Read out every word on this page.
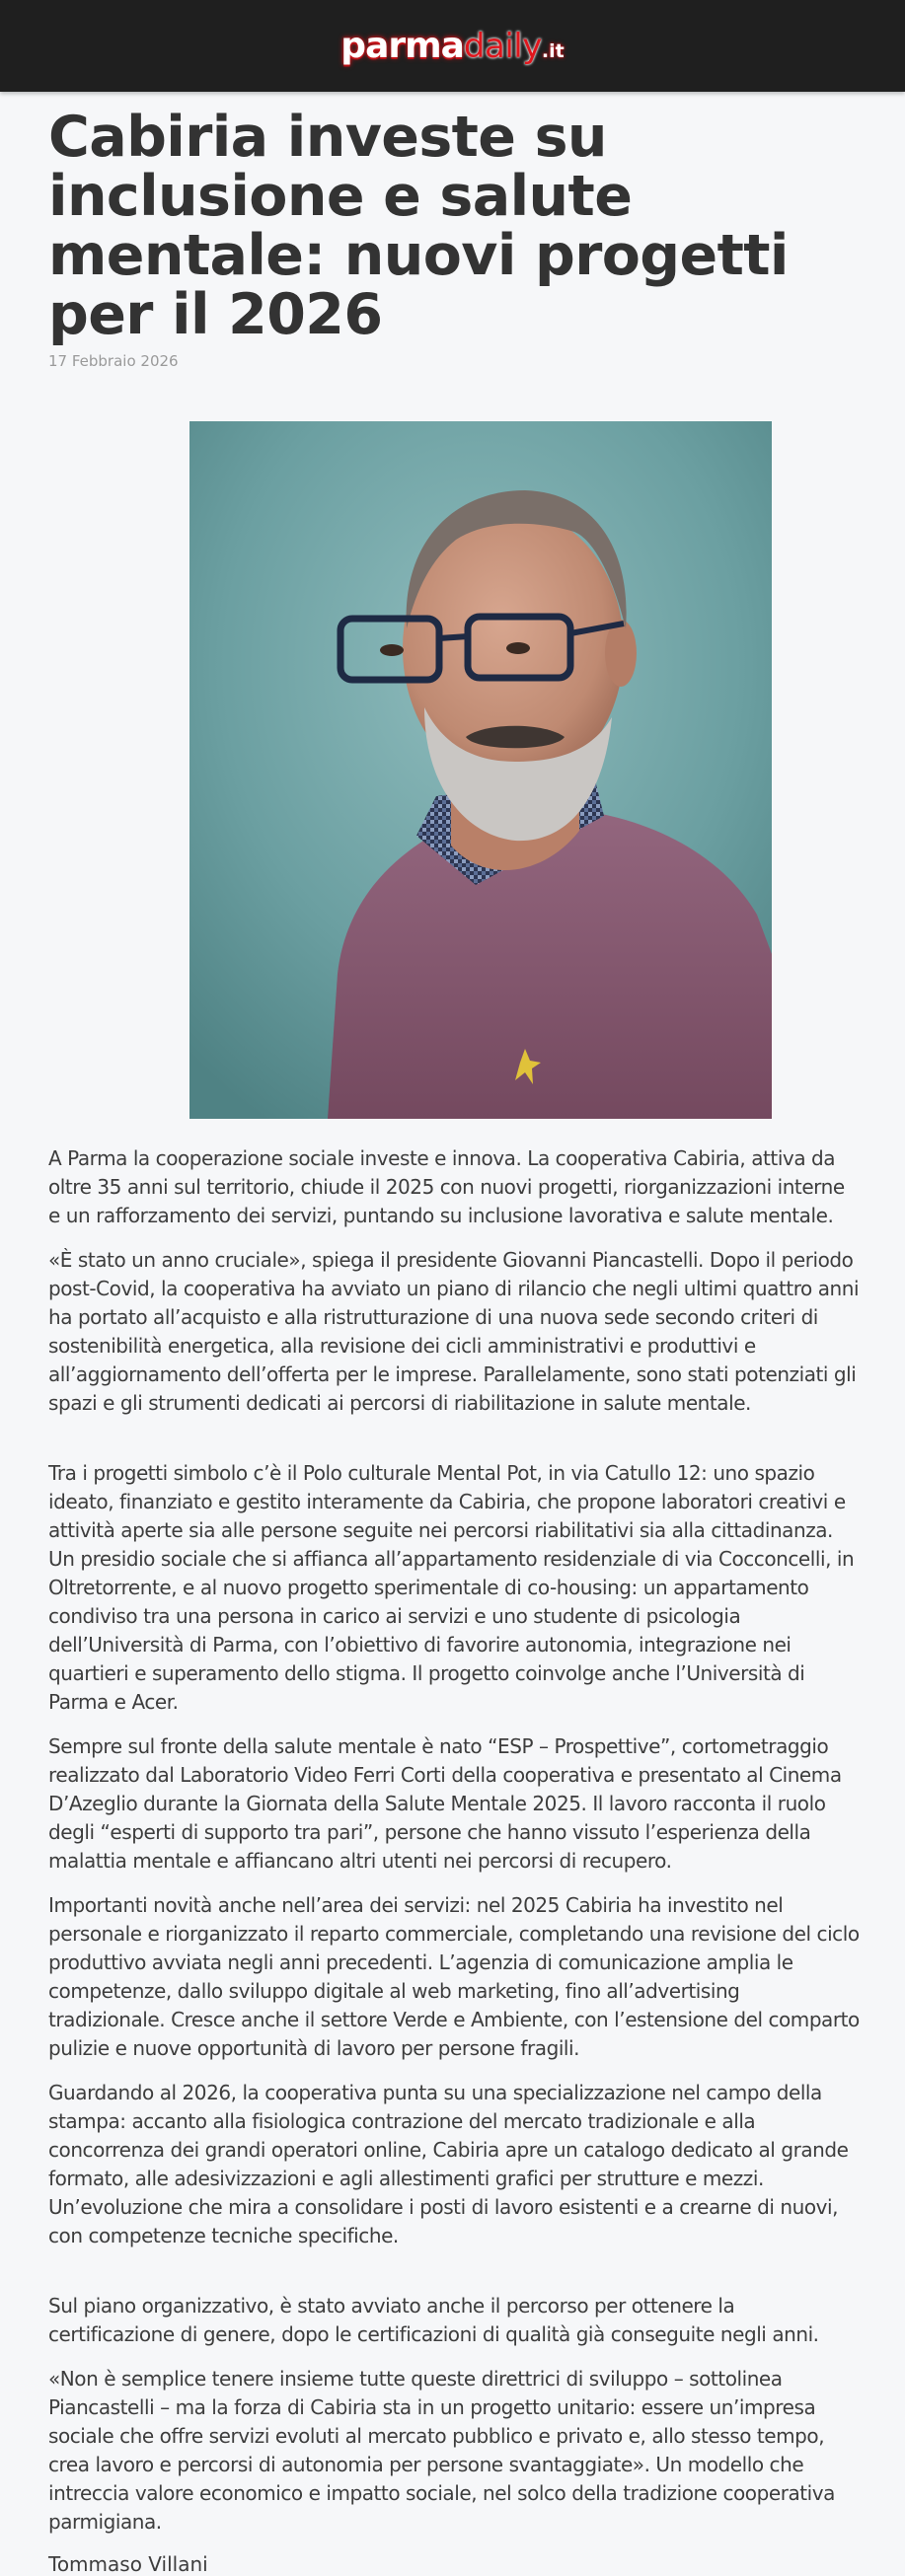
parma daily .it
Cabiria investe su inclusione e salute mentale: nuovi progetti per il 2026
17 Febbraio 2026

A Parma la cooperazione sociale investe e innova. La cooperativa Cabiria, attiva da oltre 35 anni sul territorio, chiude il 2025 con nuovi progetti, riorganizzazioni interne e un rafforzamento dei servizi, puntando su inclusione lavorativa e salute mentale.

«È stato un anno cruciale», spiega il presidente Giovanni Piancastelli. Dopo il periodo post-Covid, la cooperativa ha avviato un piano di rilancio che negli ultimi quattro anni ha portato all’acquisto e alla ristrutturazione di una nuova sede secondo criteri di sostenibilità energetica, alla revisione dei cicli amministrativi e produttivi e all’aggiornamento dell’offerta per le imprese. Parallelamente, sono stati potenziati gli spazi e gli strumenti dedicati ai percorsi di riabilitazione in salute mentale.

Tra i progetti simbolo c’è il Polo culturale Mental Pot, in via Catullo 12: uno spazio ideato, finanziato e gestito interamente da Cabiria, che propone laboratori creativi e attività aperte sia alle persone seguite nei percorsi riabilitativi sia alla cittadinanza. Un presidio sociale che si affianca all’appartamento residenziale di via Cocconcelli, in Oltretorrente, e al nuovo progetto sperimentale di co-housing: un appartamento condiviso tra una persona in carico ai servizi e uno studente di psicologia dell’Università di Parma, con l’obiettivo di favorire autonomia, integrazione nei quartieri e superamento dello stigma. Il progetto coinvolge anche l’Università di Parma e Acer.

Sempre sul fronte della salute mentale è nato “ESP – Prospettive”, cortometraggio realizzato dal Laboratorio Video Ferri Corti della cooperativa e presentato al Cinema D’Azeglio durante la Giornata della Salute Mentale 2025. Il lavoro racconta il ruolo degli “esperti di supporto tra pari”, persone che hanno vissuto l’esperienza della malattia mentale e affiancano altri utenti nei percorsi di recupero.

Importanti novità anche nell’area dei servizi: nel 2025 Cabiria ha investito nel personale e riorganizzato il reparto commerciale, completando una revisione del ciclo produttivo avviata negli anni precedenti. L’agenzia di comunicazione amplia le competenze, dallo sviluppo digitale al web marketing, fino all’advertising tradizionale. Cresce anche il settore Verde e Ambiente, con l’estensione del comparto pulizie e nuove opportunità di lavoro per persone fragili.

Guardando al 2026, la cooperativa punta su una specializzazione nel campo della stampa: accanto alla fisiologica contrazione del mercato tradizionale e alla concorrenza dei grandi operatori online, Cabiria apre un catalogo dedicato al grande formato, alle adesivizzazioni e agli allestimenti grafici per strutture e mezzi. Un’evoluzione che mira a consolidare i posti di lavoro esistenti e a crearne di nuovi, con competenze tecniche specifiche.

Sul piano organizzativo, è stato avviato anche il percorso per ottenere la certificazione di genere, dopo le certificazioni di qualità già conseguite negli anni.

«Non è semplice tenere insieme tutte queste direttrici di sviluppo – sottolinea Piancastelli – ma la forza di Cabiria sta in un progetto unitario: essere un’impresa sociale che offre servizi evoluti al mercato pubblico e privato e, allo stesso tempo, crea lavoro e percorsi di autonomia per persone svantaggiate». Un modello che intreccia valore economico e impatto sociale, nel solco della tradizione cooperativa parmigiana.

Tommaso Villani
